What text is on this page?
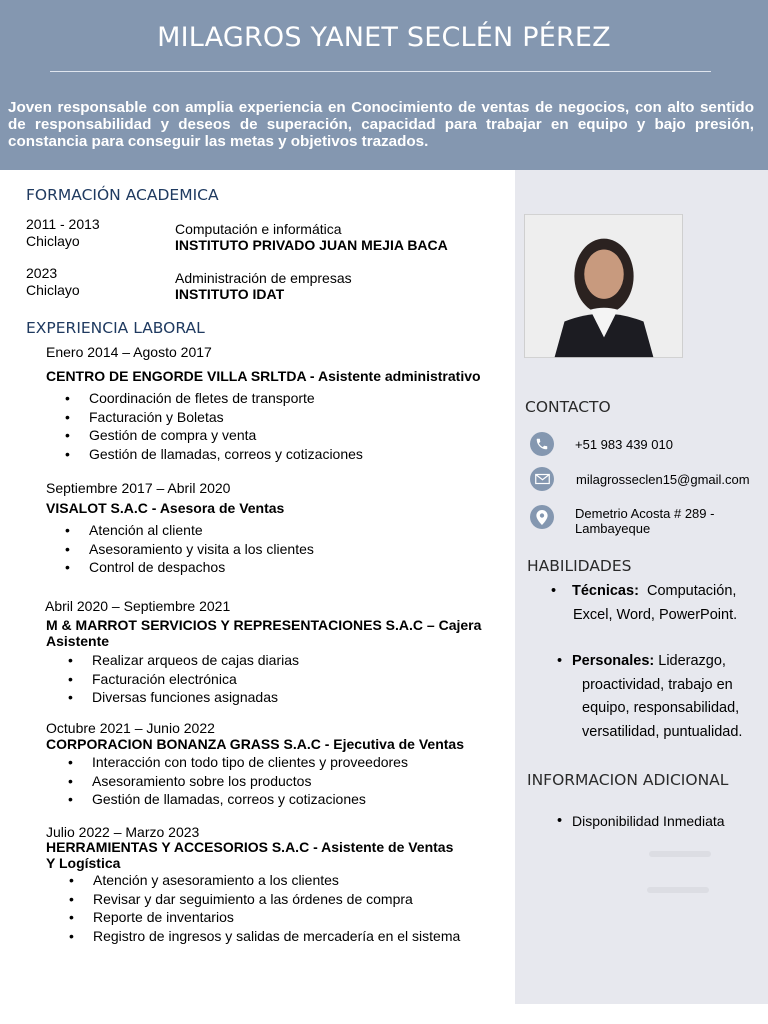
MILAGROS YANET SECLÉN PÉREZ
Joven responsable con amplia experiencia en Conocimiento de ventas de negocios, con alto sentido de responsabilidad y deseos de superación, capacidad para trabajar en equipo y bajo presión, constancia para conseguir las metas y objetivos trazados.
FORMACIÓN ACADEMICA
2011 - 2013
Chiclayo
Computación e informática
INSTITUTO PRIVADO JUAN MEJIA BACA
2023
Chiclayo
Administración de empresas
INSTITUTO IDAT
EXPERIENCIA LABORAL
Enero 2014 – Agosto 2017
CENTRO DE ENGORDE VILLA SRLTDA - Asistente administrativo
• Coordinación de fletes de transporte
• Facturación y Boletas
• Gestión de compra y venta
• Gestión de llamadas, correos y cotizaciones
Septiembre 2017 – Abril 2020
VISALOT S.A.C - Asesora de Ventas
• Atención al cliente
• Asesoramiento y visita a los clientes
• Control de despachos
Abril 2020 – Septiembre 2021
M & MARROT SERVICIOS Y REPRESENTACIONES S.A.C – Cajera
Asistente
• Realizar arqueos de cajas diarias
• Facturación electrónica
• Diversas funciones asignadas
Octubre 2021 – Junio 2022
CORPORACION BONANZA GRASS S.A.C - Ejecutiva de Ventas
• Interacción con todo tipo de clientes y proveedores
• Asesoramiento sobre los productos
• Gestión de llamadas, correos y cotizaciones
Julio 2022 – Marzo 2023
HERRAMIENTAS Y ACCESORIOS S.A.C - Asistente de Ventas
Y Logística
• Atención y asesoramiento a los clientes
• Revisar y dar seguimiento a las órdenes de compra
• Reporte de inventarios
• Registro de ingresos y salidas de mercadería en el sistema
CONTACTO
+51 983 439 010
milagrosseclen15@gmail.com
Demetrio Acosta # 289 -
Lambayeque
HABILIDADES
• Técnicas: Computación,
Excel, Word, PowerPoint.
• Personales: Liderazgo,
proactividad, trabajo en
equipo, responsabilidad,
versatilidad, puntualidad.
INFORMACION ADICIONAL
• Disponibilidad Inmediata
